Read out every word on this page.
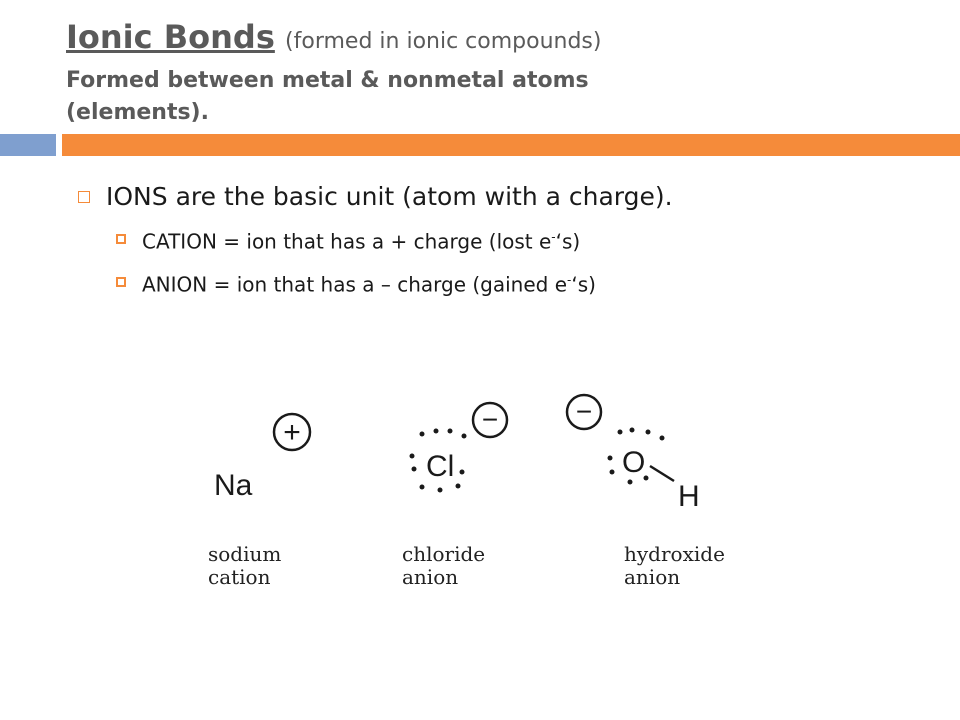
Ionic Bonds (formed in ionic compounds)
Formed between metal & nonmetal atoms
(elements).
IONS are the basic unit (atom with a charge).
CATION = ion that has a + charge (lost e-‘s)
ANION = ion that has a – charge (gained e-‘s)
+
Na
sodium
cation
−
Cl
chloride
anion
−
O
H
hydroxide
anion
